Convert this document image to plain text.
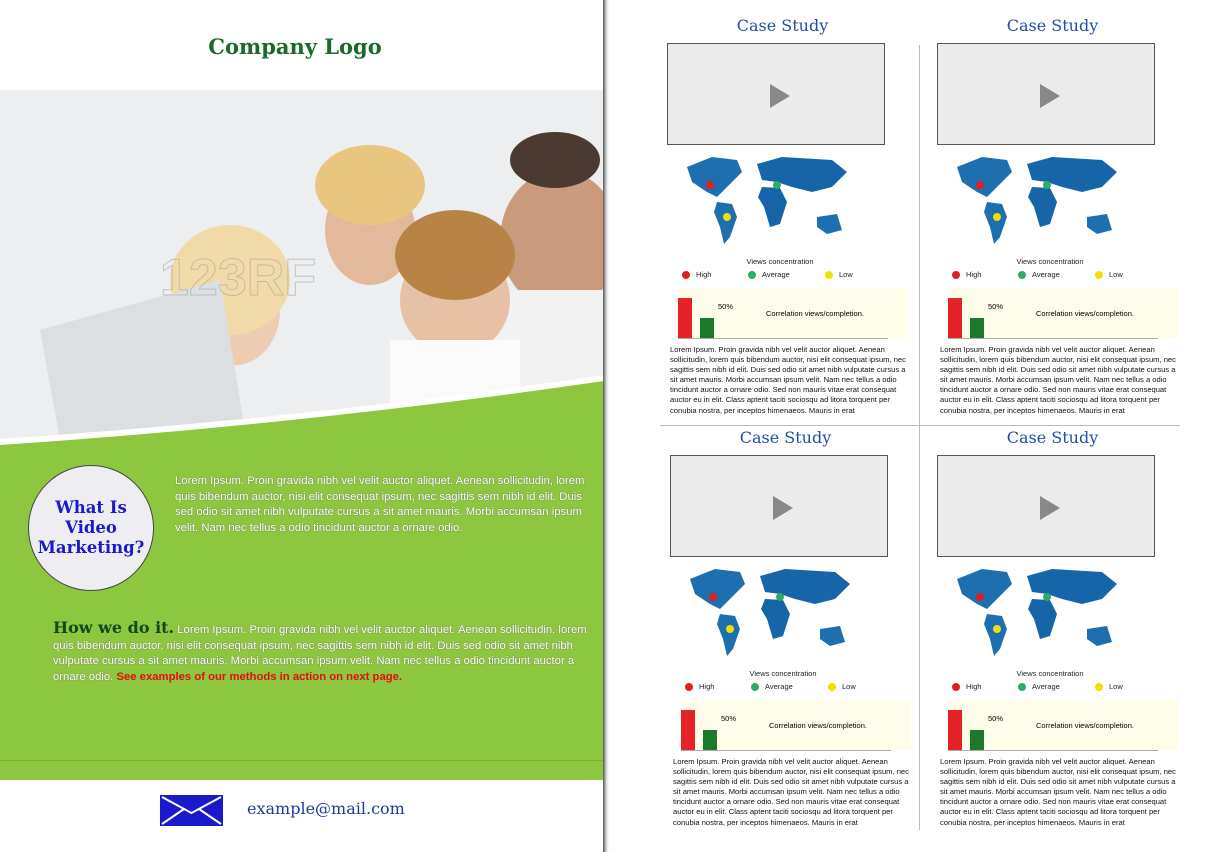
Company Logo
123RF
What Is Video Marketing?
Lorem Ipsum. Proin gravida nibh vel velit auctor aliquet. Aenean sollicitudin, lorem quis bibendum auctor, nisi elit consequat ipsum, nec sagittis sem nibh id elit. Duis sed odio sit amet nibh vulputate cursus a sit amet mauris. Morbi accumsan ipsum velit. Nam nec tellus a odio tincidunt auctor a ornare odio.
How we do it. Lorem Ipsum. Proin gravida nibh vel velit auctor aliquet. Aenean sollicitudin, lorem quis bibendum auctor, nisi elit consequat ipsum, nec sagittis sem nibh id elit. Duis sed odio sit amet nibh vulputate cursus a sit amet mauris. Morbi accumsan ipsum velit. Nam nec tellus a odio tincidunt auctor a ornare odio. See examples of our methods in action on next page.
example@mail.com
Case Study
Views concentration
High	Average	Low
50%
Correlation views/completion.
Lorem Ipsum. Proin gravida nibh vel velit auctor aliquet. Aenean sollicitudin, lorem quis bibendum auctor, nisi elit consequat ipsum, nec sagittis sem nibh id elit. Duis sed odio sit amet nibh vulputate cursus a sit amet mauris. Morbi accumsan ipsum velit. Nam nec tellus a odio tincidunt auctor a ornare odio. Sed non mauris vitae erat consequat auctor eu in elit. Class aptent taciti sociosqu ad litora torquent per conubia nostra, per inceptos himenaeos. Mauris in erat
Case Study
Views concentration
High	Average	Low
50%
Correlation views/completion.
Lorem Ipsum. Proin gravida nibh vel velit auctor aliquet. Aenean sollicitudin, lorem quis bibendum auctor, nisi elit consequat ipsum, nec sagittis sem nibh id elit. Duis sed odio sit amet nibh vulputate cursus a sit amet mauris. Morbi accumsan ipsum velit. Nam nec tellus a odio tincidunt auctor a ornare odio. Sed non mauris vitae erat consequat auctor eu in elit. Class aptent taciti sociosqu ad litora torquent per conubia nostra, per inceptos himenaeos. Mauris in erat
Case Study
Views concentration
High	Average	Low
50%
Correlation views/completion.
Lorem Ipsum. Proin gravida nibh vel velit auctor aliquet. Aenean sollicitudin, lorem quis bibendum auctor, nisi elit consequat ipsum, nec sagittis sem nibh id elit. Duis sed odio sit amet nibh vulputate cursus a sit amet mauris. Morbi accumsan ipsum velit. Nam nec tellus a odio tincidunt auctor a ornare odio. Sed non mauris vitae erat consequat auctor eu in elit. Class aptent taciti sociosqu ad litora torquent per conubia nostra, per inceptos himenaeos. Mauris in erat
Case Study
Views concentration
High	Average	Low
50%
Correlation views/completion.
Lorem Ipsum. Proin gravida nibh vel velit auctor aliquet. Aenean sollicitudin, lorem quis bibendum auctor, nisi elit consequat ipsum, nec sagittis sem nibh id elit. Duis sed odio sit amet nibh vulputate cursus a sit amet mauris. Morbi accumsan ipsum velit. Nam nec tellus a odio tincidunt auctor a ornare odio. Sed non mauris vitae erat consequat auctor eu in elit. Class aptent taciti sociosqu ad litora torquent per conubia nostra, per inceptos himenaeos. Mauris in erat
